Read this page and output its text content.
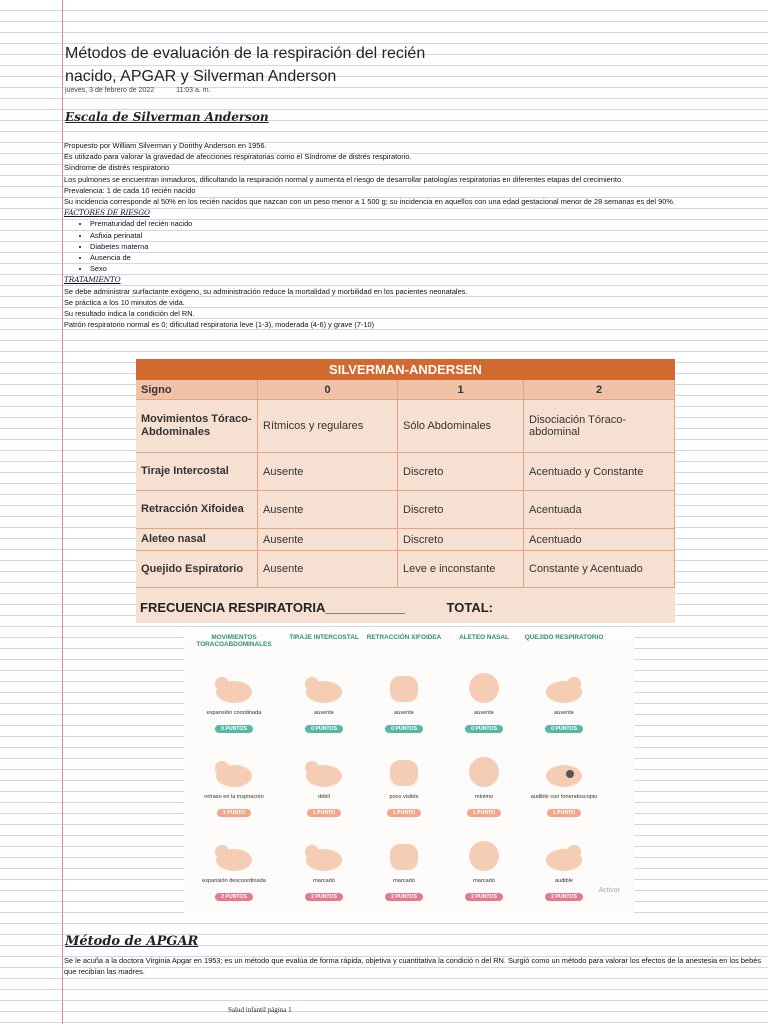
Métodos de evaluación de la respiración del recién
nacido, APGAR y Silverman Anderson
jueves, 3 de febrero de 2022	11:03 a. m.
Escala de Silverman Anderson

Propuesto por William Silverman y Dorithy Anderson en 1956.

Es utilizado para valorar la gravedad de afecciones respiratorias como el Síndrome de distrés respiratorio.

Síndrome de distrés respiratorio

Los pulmones se encuentran inmaduros, dificultando la respiración normal y aumenta el riesgo de desarrollar patologías respiratorias en diferentes etapas del crecimiento.

Prevalencia: 1 de cada 10 recién nacido

Su incidencia corresponde al 50% en los recién nacidos que nazcan con un peso menor a 1 500 g; su incidencia en aquellos con una edad gestacional menor de 28 semanas es del 90%.

FACTORES DE RIESGO
• Prematuridad del recién nacido
• Asfixia perinatal
• Diabetes materna
• Ausencia de
• Sexo
TRATAMIENTO

Se debe administrar surfactante exógeno, su administración reduce la mortalidad y morbilidad en los pacientes neonatales.

Se práctica a los 10 minutos de vida.

Su resultado indica la condición del RN.

Patrón respiratorio normal es 0; dificultad respiratoria leve (1-3), moderada (4-6) y grave (7-10)

SILVERMAN-ANDERSEN
Signo	0	1	2
Movimientos Tóraco-Abdominales	Rítmicos y regulares	Sólo Abdominales	Disociación Tóraco-abdominal
Tiraje Intercostal	Ausente	Discreto	Acentuado y Constante
Retracción Xifoidea	Ausente	Discreto	Acentuada
Aleteo nasal	Ausente	Discreto	Acentuado
Quejido Espiratorio	Ausente	Leve e inconstante	Constante y Acentuado
FRECUENCIA RESPIRATORIA___________	TOTAL:
MOVIMIENTOS TORACOABDOMINALES
TIRAJE INTERCOSTAL	RETRACCIÓN XIFOIDEA	ALETEO NASAL	QUEJIDO RESPIRATORIO
expansión coordinada
0 PUNTOS
ausente
0 PUNTOS
ausente
0 PUNTOS
ausente
0 PUNTOS
ausente
0 PUNTOS
retraso en la inspiración
1 PUNTO
débil
1 PUNTO
poco visible
1 PUNTO
mínimo
1 PUNTO
audible con fonendoscopio
1 PUNTO
expansión descoordinada
2 PUNTOS
marcado
2 PUNTOS
marcado
2 PUNTOS
marcado
2 PUNTOS
audible
2 PUNTOS
Activar
Método de APGAR
Se le acuña a la doctora Virginia Apgar en 1953; es un método que evalúa de forma rápida, objetiva y cuantitativa la condició n del RN. Surgió como un método para valorar los efectos de la anestesia en los bebés que recibían las madres.
Salud infantil página 1
